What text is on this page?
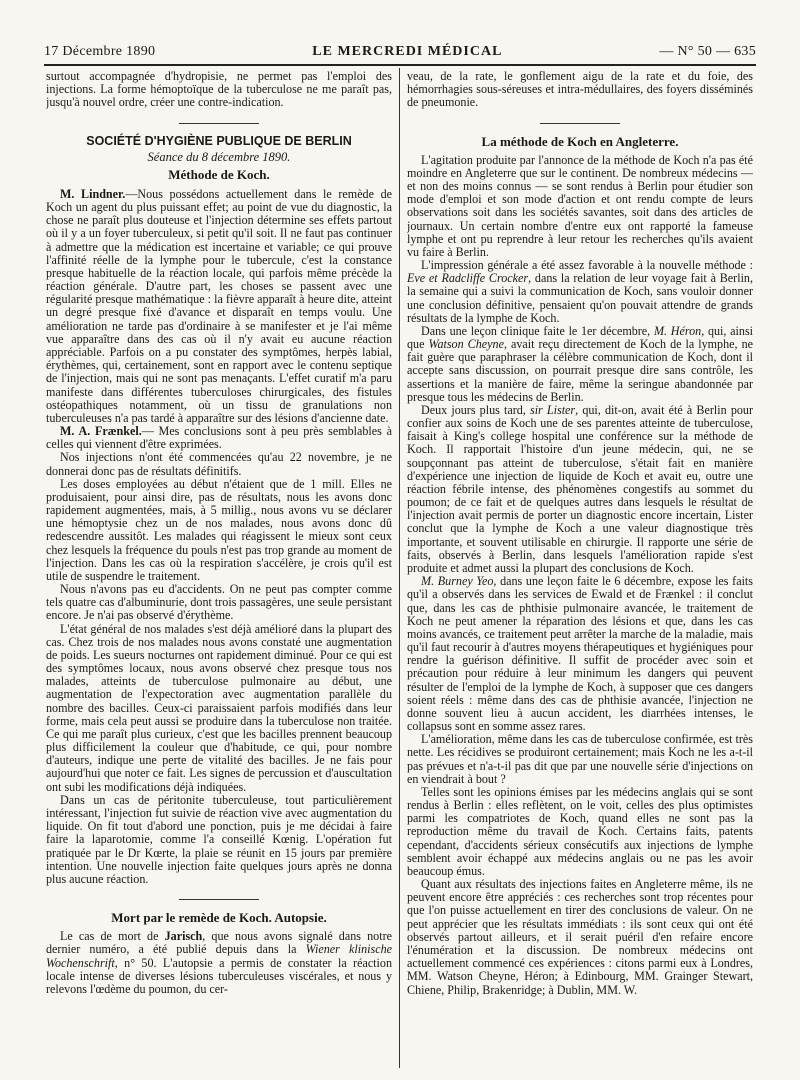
17 Décembre 1890	LE MERCREDI MÉDICAL	— N° 50 — 635

surtout accompagnée d'hydropisie, ne permet pas l'emploi des injections. La forme hémoptoïque de la tuberculose ne me paraît pas, jusqu'à nouvel ordre, créer une contre-indication.

SOCIÉTÉ D'HYGIÈNE PUBLIQUE DE BERLIN
Séance du 8 décembre 1890.
Méthode de Koch.

M. Lindner.—Nous possédons actuellement dans le remède de Koch un agent du plus puissant effet; au point de vue du diagnostic, la chose ne paraît plus douteuse et l'injection détermine ses effets partout où il y a un foyer tuberculeux, si petit qu'il soit. Il ne faut pas continuer à admettre que la médication est incertaine et variable; ce qui prouve l'affinité réelle de la lymphe pour le tubercule, c'est la constance presque habituelle de la réaction locale, qui parfois même précède la réaction générale. D'autre part, les choses se passent avec une régularité presque mathématique : la fièvre apparaît à heure dite, atteint un degré presque fixé d'avance et disparaît en temps voulu. Une amélioration ne tarde pas d'ordinaire à se manifester et je l'ai même vue apparaître dans des cas où il n'y avait eu aucune réaction appréciable. Parfois on a pu constater des symptômes, herpès labial, érythèmes, qui, certainement, sont en rapport avec le contenu septique de l'injection, mais qui ne sont pas menaçants. L'effet curatif m'a paru manifeste dans différentes tuberculoses chirurgicales, des fistules ostéopathiques notamment, où un tissu de granulations non tuberculeuses n'a pas tardé à apparaître sur des lésions d'ancienne date.

M. A. Frænkel.— Mes conclusions sont à peu près semblables à celles qui viennent d'être exprimées.

Nos injections n'ont été commencées qu'au 22 novembre, je ne donnerai donc pas de résultats définitifs.

Les doses employées au début n'étaient que de 1 mill. Elles ne produisaient, pour ainsi dire, pas de résultats, nous les avons donc rapidement augmentées, mais, à 5 millig., nous avons vu se déclarer une hémoptysie chez un de nos malades, nous avons donc dû redescendre aussitôt. Les malades qui réagissent le mieux sont ceux chez lesquels la fréquence du pouls n'est pas trop grande au moment de l'injection. Dans les cas où la respiration s'accélère, je crois qu'il est utile de suspendre le traitement.

Nous n'avons pas eu d'accidents. On ne peut pas compter comme tels quatre cas d'albuminurie, dont trois passagères, une seule persistant encore. Je n'ai pas observé d'érythème.

L'état général de nos malades s'est déjà amélioré dans la plupart des cas. Chez trois de nos malades nous avons constaté une augmentation de poids. Les sueurs nocturnes ont rapidement diminué. Pour ce qui est des symptômes locaux, nous avons observé chez presque tous nos malades, atteints de tuberculose pulmonaire au début, une augmentation de l'expectoration avec augmentation parallèle du nombre des bacilles. Ceux-ci paraissaient parfois modifiés dans leur forme, mais cela peut aussi se produire dans la tuberculose non traitée. Ce qui me paraît plus curieux, c'est que les bacilles prennent beaucoup plus difficilement la couleur que d'habitude, ce qui, pour nombre d'auteurs, indique une perte de vitalité des bacilles. Je ne fais pour aujourd'hui que noter ce fait. Les signes de percussion et d'auscultation ont subi les modifications déjà indiquées.

Dans un cas de péritonite tuberculeuse, tout particulièrement intéressant, l'injection fut suivie de réaction vive avec augmentation du liquide. On fit tout d'abord une ponction, puis je me décidai à faire faire la laparotomie, comme l'a conseillé Kœnig. L'opération fut pratiquée par le Dr Kœrte, la plaie se réunit en 15 jours par première intention. Une nouvelle injection faite quelques jours après ne donna plus aucune réaction.

Mort par le remède de Koch. Autopsie.

Le cas de mort de Jarisch, que nous avons signalé dans notre dernier numéro, a été publié depuis dans la Wiener klinische Wochenschrift, n° 50. L'autopsie a permis de constater la réaction locale intense de diverses lésions tuberculeuses viscérales, et nous y relevons l'œdème du poumon, du cer-

veau, de la rate, le gonflement aigu de la rate et du foie, des hémorrhagies sous-séreuses et intra-médullaires, des foyers disséminés de pneumonie.

La méthode de Koch en Angleterre.

L'agitation produite par l'annonce de la méthode de Koch n'a pas été moindre en Angleterre que sur le continent. De nombreux médecins — et non des moins connus — se sont rendus à Berlin pour étudier son mode d'emploi et son mode d'action et ont rendu compte de leurs observations soit dans les sociétés savantes, soit dans des articles de journaux. Un certain nombre d'entre eux ont rapporté la fameuse lymphe et ont pu reprendre à leur retour les recherches qu'ils avaient vu faire à Berlin.

L'impression générale a été assez favorable à la nouvelle méthode : Eve et Radcliffe Crocker, dans la relation de leur voyage fait à Berlin, la semaine qui a suivi la communication de Koch, sans vouloir donner une conclusion définitive, pensaient qu'on pouvait attendre de grands résultats de la lymphe de Koch.

Dans une leçon clinique faite le 1er décembre, M. Héron, qui, ainsi que Watson Cheyne, avait reçu directement de Koch de la lymphe, ne fait guère que paraphraser la célèbre communication de Koch, dont il accepte sans discussion, on pourrait presque dire sans contrôle, les assertions et la manière de faire, même la seringue abandonnée par presque tous les médecins de Berlin.

Deux jours plus tard, sir Lister, qui, dit-on, avait été à Berlin pour confier aux soins de Koch une de ses parentes atteinte de tuberculose, faisait à King's college hospital une conférence sur la méthode de Koch. Il rapportait l'histoire d'un jeune médecin, qui, ne se soupçonnant pas atteint de tuberculose, s'était fait en manière d'expérience une injection de liquide de Koch et avait eu, outre une réaction fébrile intense, des phénomènes congestifs au sommet du poumon; de ce fait et de quelques autres dans lesquels le résultat de l'injection avait permis de porter un diagnostic encore incertain, Lister conclut que la lymphe de Koch a une valeur diagnostique très importante, et souvent utilisable en chirurgie. Il rapporte une série de faits, observés à Berlin, dans lesquels l'amélioration rapide s'est produite et admet aussi la plupart des conclusions de Koch.

M. Burney Yeo, dans une leçon faite le 6 décembre, expose les faits qu'il a observés dans les services de Ewald et de Frænkel : il conclut que, dans les cas de phthisie pulmonaire avancée, le traitement de Koch ne peut amener la réparation des lésions et que, dans les cas moins avancés, ce traitement peut arrêter la marche de la maladie, mais qu'il faut recourir à d'autres moyens thérapeutiques et hygiéniques pour rendre la guérison définitive. Il suffit de procéder avec soin et précaution pour réduire à leur minimum les dangers qui peuvent résulter de l'emploi de la lymphe de Koch, à supposer que ces dangers soient réels : même dans des cas de phthisie avancée, l'injection ne donne souvent lieu à aucun accident, les diarrhées intenses, le collapsus sont en somme assez rares.

L'amélioration, même dans les cas de tuberculose confirmée, est très nette. Les récidives se produiront certainement; mais Koch ne les a-t-il pas prévues et n'a-t-il pas dit que par une nouvelle série d'injections on en viendrait à bout ?

Telles sont les opinions émises par les médecins anglais qui se sont rendus à Berlin : elles reflètent, on le voit, celles des plus optimistes parmi les compatriotes de Koch, quand elles ne sont pas la reproduction même du travail de Koch. Certains faits, patents cependant, d'accidents sérieux consécutifs aux injections de lymphe semblent avoir échappé aux médecins anglais ou ne pas les avoir beaucoup émus.

Quant aux résultats des injections faites en Angleterre même, ils ne peuvent encore être appréciés : ces recherches sont trop récentes pour que l'on puisse actuellement en tirer des conclusions de valeur. On ne peut apprécier que les résultats immédiats : ils sont ceux qui ont été observés partout ailleurs, et il serait puéril d'en refaire encore l'énumération et la discussion. De nombreux médecins ont actuellement commencé ces expériences : citons parmi eux à Londres, MM. Watson Cheyne, Héron; à Edinbourg, MM. Grainger Stewart, Chiene, Philip, Brakenridge; à Dublin, MM. W.
